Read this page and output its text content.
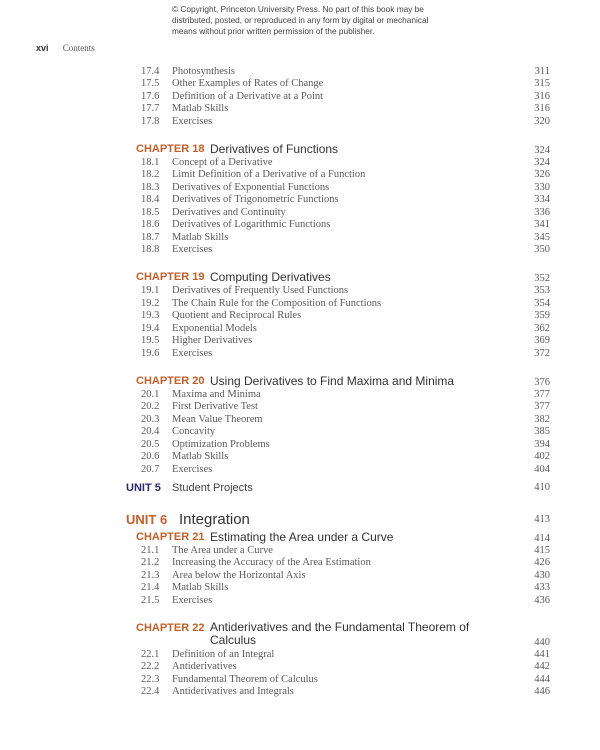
© Copyright, Princeton University Press. No part of this book may be
distributed, posted, or reproduced in any form by digital or mechanical
means without prior written permission of the publisher.
xvi Contents
17.4 Photosynthesis	311
17.5 Other Examples of Rates of Change	315
17.6 Definition of a Derivative at a Point	316
17.7 Matlab Skills	316
17.8 Exercises	320
CHAPTER 18 Derivatives of Functions	324
18.1 Concept of a Derivative	324
18.2 Limit Definition of a Derivative of a Function	326
18.3 Derivatives of Exponential Functions	330
18.4 Derivatives of Trigonometric Functions	334
18.5 Derivatives and Continuity	336
18.6 Derivatives of Logarithmic Functions	341
18.7 Matlab Skills	345
18.8 Exercises	350
CHAPTER 19 Computing Derivatives	352
19.1 Derivatives of Frequently Used Functions	353
19.2 The Chain Rule for the Composition of Functions	354
19.3 Quotient and Reciprocal Rules	359
19.4 Exponential Models	362
19.5 Higher Derivatives	369
19.6 Exercises	372
CHAPTER 20 Using Derivatives to Find Maxima and Minima	376
20.1 Maxima and Minima	377
20.2 First Derivative Test	377
20.3 Mean Value Theorem	382
20.4 Concavity	385
20.5 Optimization Problems	394
20.6 Matlab Skills	402
20.7 Exercises	404
UNIT 5 Student Projects	410
UNIT 6 Integration	413
CHAPTER 21 Estimating the Area under a Curve	414
21.1 The Area under a Curve	415
21.2 Increasing the Accuracy of the Area Estimation	426
21.3 Area below the Horizontal Axis	430
21.4 Matlab Skills	433
21.5 Exercises	436
CHAPTER 22 Antiderivatives and the Fundamental Theorem of Calculus	440
22.1 Definition of an Integral	441
22.2 Antiderivatives	442
22.3 Fundamental Theorem of Calculus	444
22.4 Antiderivatives and Integrals	446
